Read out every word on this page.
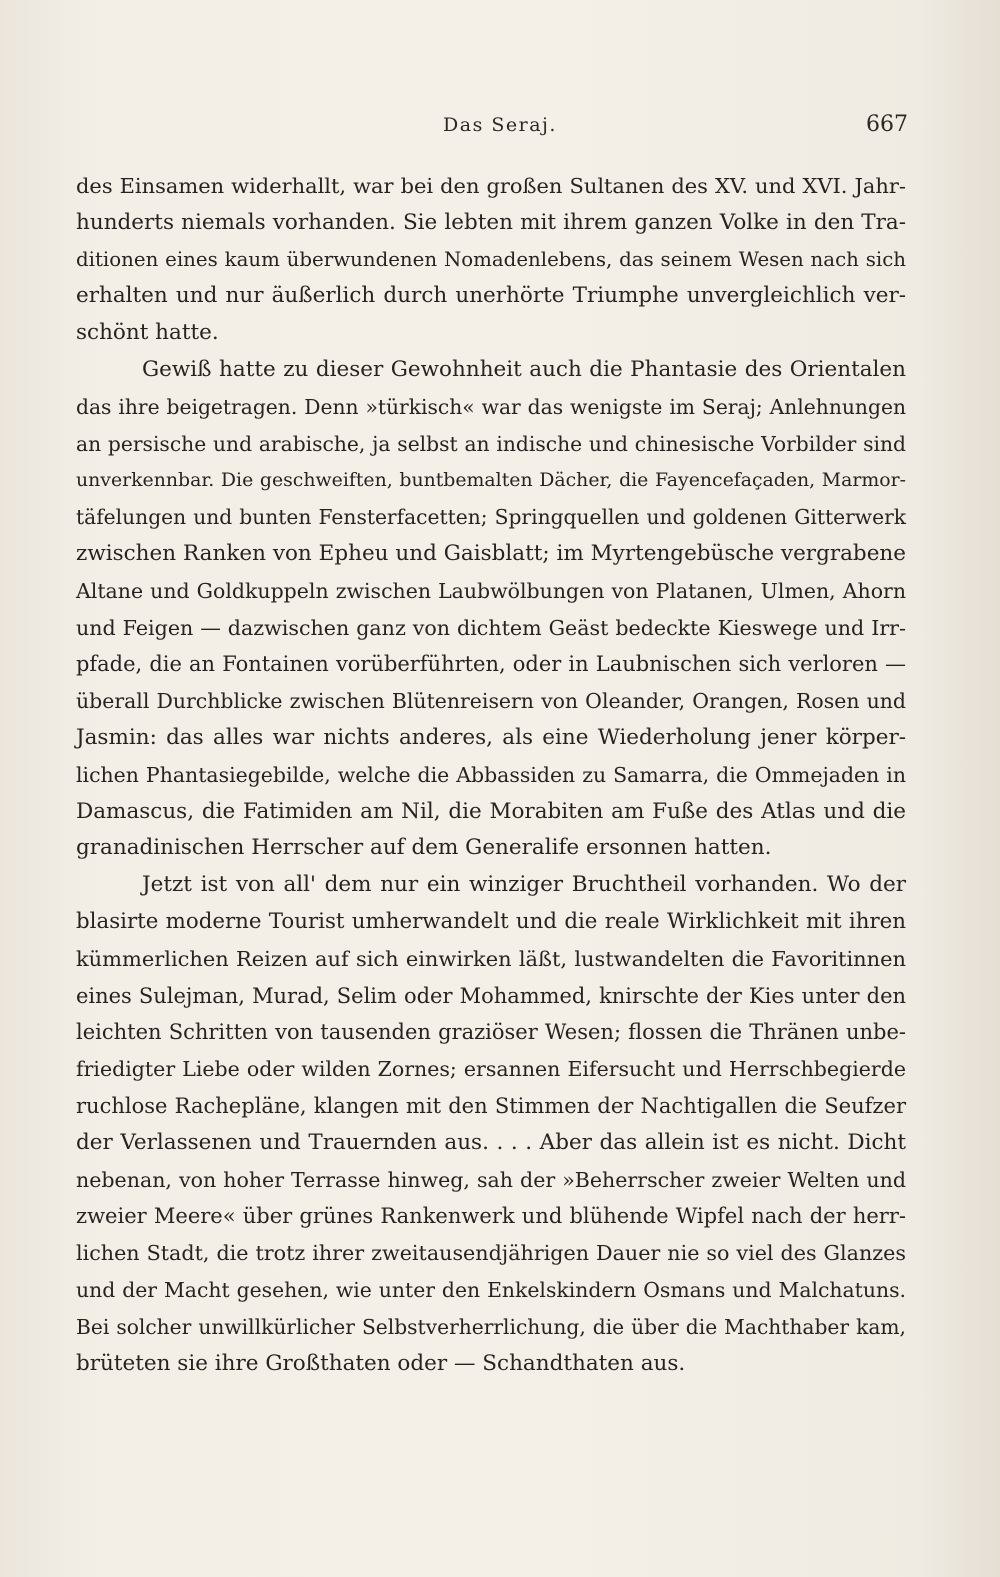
Das Seraj.	667

des Einsamen widerhallt, war bei den großen Sultanen des XV. und XVI. Jahr-
hunderts niemals vorhanden. Sie lebten mit ihrem ganzen Volke in den Tra-
ditionen eines kaum überwundenen Nomadenlebens, das seinem Wesen nach sich
erhalten und nur äußerlich durch unerhörte Triumphe unvergleichlich ver-
schönt hatte.

Gewiß hatte zu dieser Gewohnheit auch die Phantasie des Orientalen
das ihre beigetragen. Denn »türkisch« war das wenigste im Seraj; Anlehnungen
an persische und arabische, ja selbst an indische und chinesische Vorbilder sind
unverkennbar. Die geschweiften, buntbemalten Dächer, die Fayencefaçaden, Marmor-
täfelungen und bunten Fensterfacetten; Springquellen und goldenen Gitterwerk
zwischen Ranken von Epheu und Gaisblatt; im Myrtengebüsche vergrabene
Altane und Goldkuppeln zwischen Laubwölbungen von Platanen, Ulmen, Ahorn
und Feigen — dazwischen ganz von dichtem Geäst bedeckte Kieswege und Irr-
pfade, die an Fontainen vorüberführten, oder in Laubnischen sich verloren —
überall Durchblicke zwischen Blütenreisern von Oleander, Orangen, Rosen und
Jasmin: das alles war nichts anderes, als eine Wiederholung jener körper-
lichen Phantasiegebilde, welche die Abbassiden zu Samarra, die Ommejaden in
Damascus, die Fatimiden am Nil, die Morabiten am Fuße des Atlas und die
granadinischen Herrscher auf dem Generalife ersonnen hatten.

Jetzt ist von all' dem nur ein winziger Bruchtheil vorhanden. Wo der
blasirte moderne Tourist umherwandelt und die reale Wirklichkeit mit ihren
kümmerlichen Reizen auf sich einwirken läßt, lustwandelten die Favoritinnen
eines Sulejman, Murad, Selim oder Mohammed, knirschte der Kies unter den
leichten Schritten von tausenden graziöser Wesen; flossen die Thränen unbe-
friedigter Liebe oder wilden Zornes; ersannen Eifersucht und Herrschbegierde
ruchlose Rachepläne, klangen mit den Stimmen der Nachtigallen die Seufzer
der Verlassenen und Trauernden aus. . . . Aber das allein ist es nicht. Dicht
nebenan, von hoher Terrasse hinweg, sah der »Beherrscher zweier Welten und
zweier Meere« über grünes Rankenwerk und blühende Wipfel nach der herr-
lichen Stadt, die trotz ihrer zweitausendjährigen Dauer nie so viel des Glanzes
und der Macht gesehen, wie unter den Enkelskindern Osmans und Malchatuns.
Bei solcher unwillkürlicher Selbstverherrlichung, die über die Machthaber kam,
brüteten sie ihre Großthaten oder — Schandthaten aus.
